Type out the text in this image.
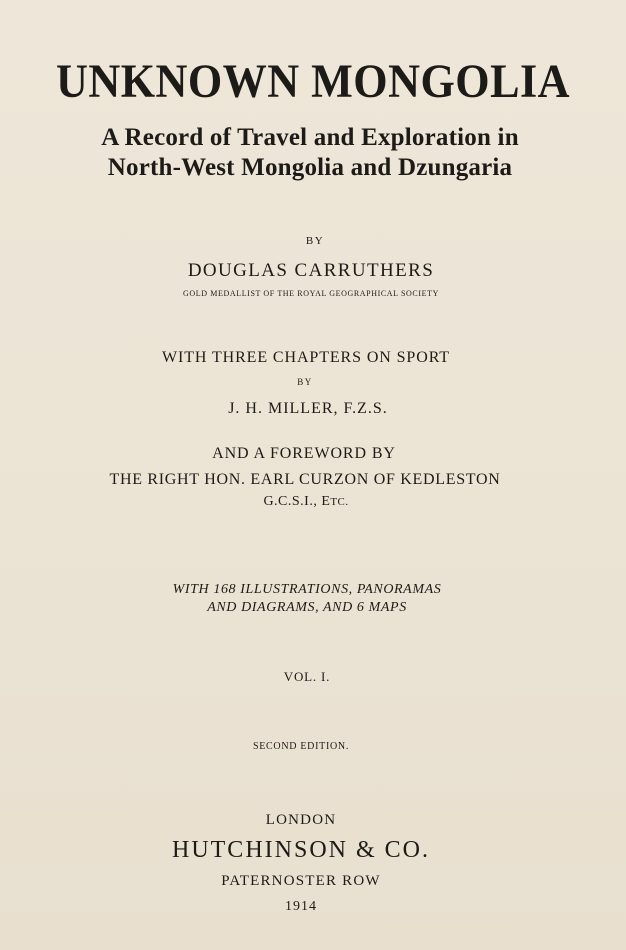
UNKNOWN MONGOLIA
A Record of Travel and Exploration in
North-West Mongolia and Dzungaria
BY
DOUGLAS CARRUTHERS
GOLD MEDALLIST OF THE ROYAL GEOGRAPHICAL SOCIETY
WITH THREE CHAPTERS ON SPORT
BY
J. H. MILLER, F.Z.S.
AND A FOREWORD BY
THE RIGHT HON. EARL CURZON OF KEDLESTON
G.C.S.I., ETC.
WITH 168 ILLUSTRATIONS, PANORAMAS
AND DIAGRAMS, AND 6 MAPS
VOL. I.
SECOND EDITION.
LONDON
HUTCHINSON & CO.
PATERNOSTER ROW
1914
